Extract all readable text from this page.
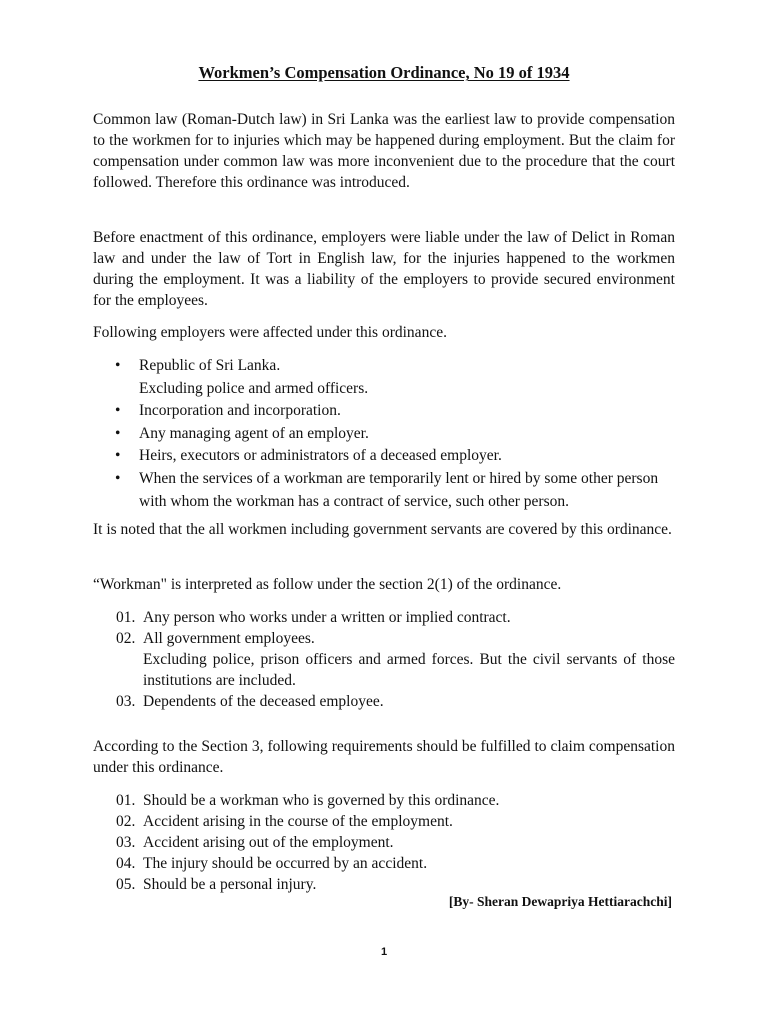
Workmen’s Compensation Ordinance, No 19 of 1934

Common law (Roman-Dutch law) in Sri Lanka was the earliest law to provide compensation to the workmen for to injuries which may be happened during employment. But the claim for compensation under common law was more inconvenient due to the procedure that the court followed. Therefore this ordinance was introduced.

Before enactment of this ordinance, employers were liable under the law of Delict in Roman law and under the law of Tort in English law, for the injuries happened to the workmen during the employment. It was a liability of the employers to provide secured environment for the employees.

Following employers were affected under this ordinance.

• Republic of Sri Lanka.
Excluding police and armed officers.
• Incorporation and incorporation.
• Any managing agent of an employer.
• Heirs, executors or administrators of a deceased employer.
• When the services of a workman are temporarily lent or hired by some other person with whom the workman has a contract of service, such other person.

It is noted that the all workmen including government servants are covered by this ordinance.

“Workman" is interpreted as follow under the section 2(1) of the ordinance.

01. Any person who works under a written or implied contract.
02. All government employees.
Excluding police, prison officers and armed forces. But the civil servants of those institutions are included.
03. Dependents of the deceased employee.

According to the Section 3, following requirements should be fulfilled to claim compensation under this ordinance.

01. Should be a workman who is governed by this ordinance.
02. Accident arising in the course of the employment.
03. Accident arising out of the employment.
04. The injury should be occurred by an accident.
05. Should be a personal injury.

[By- Sheran Dewapriya Hettiarachchi]

1
